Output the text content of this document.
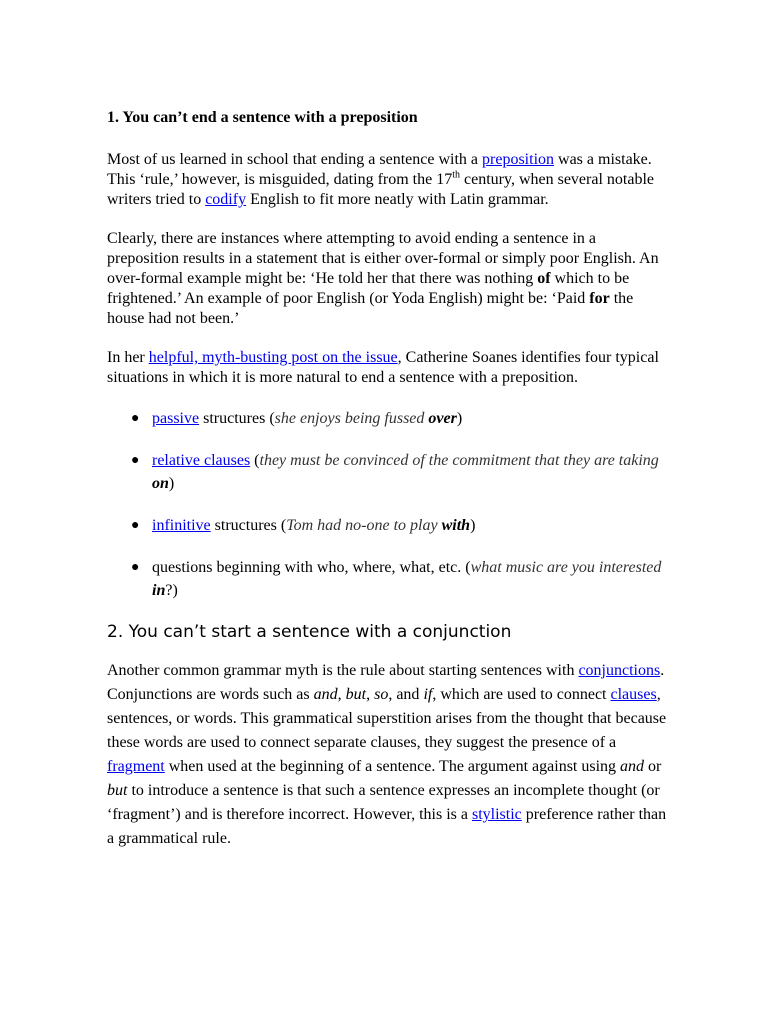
1. You can’t end a sentence with a preposition

Most of us learned in school that ending a sentence with a preposition was a mistake. This ‘rule,’ however, is misguided, dating from the 17th century, when several notable writers tried to codify English to fit more neatly with Latin grammar.

Clearly, there are instances where attempting to avoid ending a sentence in a preposition results in a statement that is either over-formal or simply poor English. An over-formal example might be: ‘He told her that there was nothing of which to be frightened.’ An example of poor English (or Yoda English) might be: ‘Paid for the house had not been.’

In her helpful, myth-busting post on the issue, Catherine Soanes identifies four typical situations in which it is more natural to end a sentence with a preposition.

● passive structures (she enjoys being fussed over)
● relative clauses (they must be convinced of the commitment that they are taking on)
● infinitive structures (Tom had no-one to play with)
● questions beginning with who, where, what, etc. (what music are you interested in?)
2. You can’t start a sentence with a conjunction

Another common grammar myth is the rule about starting sentences with conjunctions. Conjunctions are words such as and, but, so, and if, which are used to connect clauses, sentences, or words. This grammatical superstition arises from the thought that because these words are used to connect separate clauses, they suggest the presence of a fragment when used at the beginning of a sentence. The argument against using and or but to introduce a sentence is that such a sentence expresses an incomplete thought (or ‘fragment’) and is therefore incorrect. However, this is a stylistic preference rather than a grammatical rule.
